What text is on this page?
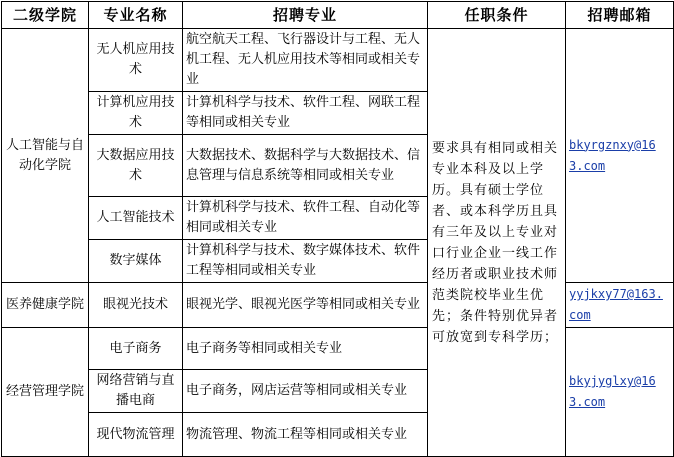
二级学院	专业名称	招聘专业	任职条件	招聘邮箱
人工智能与自动化学院	无人机应用技术	航空航天工程、飞行器设计与工程、无人机工程、无人机应用技术等相同或相关专业	要求具有相同或相关专业本科及以上学历。具有硕士学位者、或本科学历且具有三年及以上专业对口行业企业一线工作经历者或职业技术师范类院校毕业生优先；条件特别优异者可放宽到专科学历；	bkyrgznxy@163.com
	计算机应用技术	计算机科学与技术、软件工程、网联工程等相同或相关专业		
	大数据应用技术	大数据技术、数据科学与大数据技术、信息管理与信息系统等相同或相关专业		
	人工智能技术	计算机科学与技术、软件工程、自动化等相同或相关专业		
	数字媒体	计算机科学与技术、数字媒体技术、软件工程等相同或相关专业		
医养健康学院	眼视光技术	眼视光学、眼视光医学等相同或相关专业		yyjkxy77@163.com
经营管理学院	电子商务	电子商务等相同或相关专业		bkyjyglxy@163.com
	网络营销与直播电商	电子商务，网店运营等相同或相关专业		
	现代物流管理	物流管理、物流工程等相同或相关专业		
